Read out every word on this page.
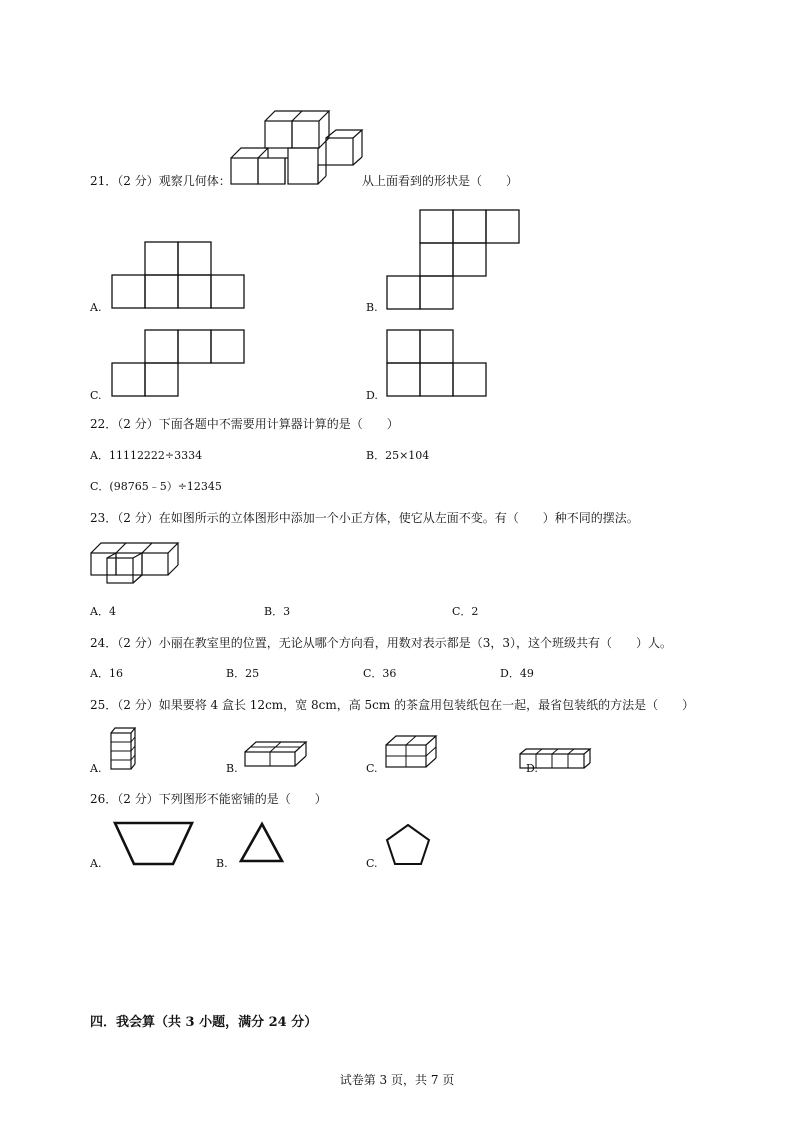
21．（2 分）观察几何体：	从上面看到的形状是（　　）
A.	B.
C.	D.
22．（2 分）下面各题中不需要用计算器计算的是（　　）
A．11112222÷3334	B．25×104
C．(98765﹣5）÷12345
23．（2 分）在如图所示的立体图形中添加一个小正方体，使它从左面不变。有（　　）种不同的摆法。
A．4	B．3	C．2
24．（2 分）小丽在教室里的位置，无论从哪个方向看，用数对表示都是（3，3），这个班级共有（　　）人。
A．16	B．25	C．36	D．49
25．（2 分）如果要将 4 盒长 12cm，宽 8cm，高 5cm 的茶盒用包装纸包在一起，最省包装纸的方法是（　　）
A.	B.	C.	D.
26．（2 分）下列图形不能密铺的是（　　）
A.	B.	C.
四．我会算（共 3 小题，满分 24 分）
试卷第 3 页，共 7 页
